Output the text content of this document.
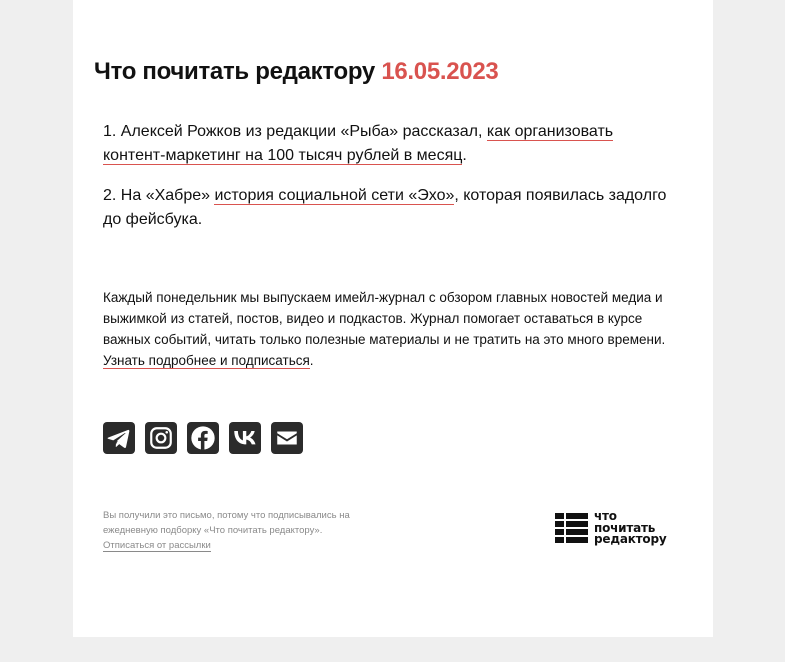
Что почитать редактору 16.05.2023

1. Алексей Рожков из редакции «Рыба» рассказал, как организовать контент-маркетинг на 100 тысяч рублей в месяц.

2. На «Хабре» история социальной сети «Эхо», которая появилась задолго до фейсбука.

Каждый понедельник мы выпускаем имейл-журнал с обзором главных новостей медиа и выжимкой из статей, постов, видео и подкастов. Журнал помогает оставаться в курсе важных событий, читать только полезные материалы и не тратить на это много времени. Узнать подробнее и подписаться.

Вы получили это письмо, потому что подписывались на ежедневную подборку «Что почитать редактору».

Отписаться от рассылки
что
почитать
редактору
